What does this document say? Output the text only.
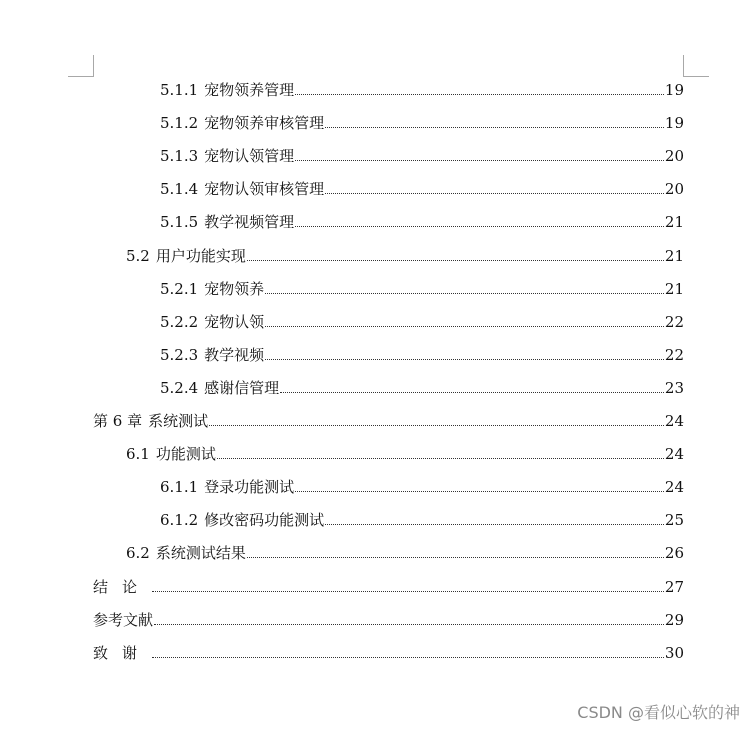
5.1.1 宠物领养管理	19
5.1.2 宠物领养审核管理	19
5.1.3 宠物认领管理	20
5.1.4 宠物认领审核管理	20
5.1.5 教学视频管理	21
5.2 用户功能实现	21
5.2.1 宠物领养	21
5.2.2 宠物认领	22
5.2.3 教学视频	22
5.2.4 感谢信管理	23
第 6 章 系统测试	24
6.1 功能测试	24
6.1.1 登录功能测试	24
6.1.2 修改密码功能测试	25
6.2 系统测试结果	26
结论	27
参考文献	29
致谢	30
CSDN @看似心软的神
